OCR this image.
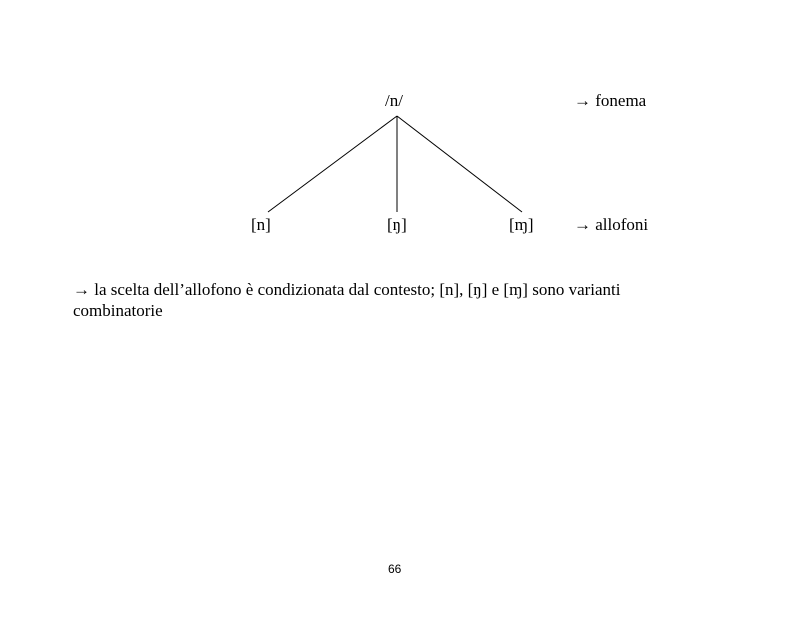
/n/
[n]	[ŋ]	[ɱ]
→ fonema
→ allofoni
→ la scelta dell’allofono è condizionata dal contesto; [n], [ŋ] e [ɱ] sono varianti
combinatorie
66
